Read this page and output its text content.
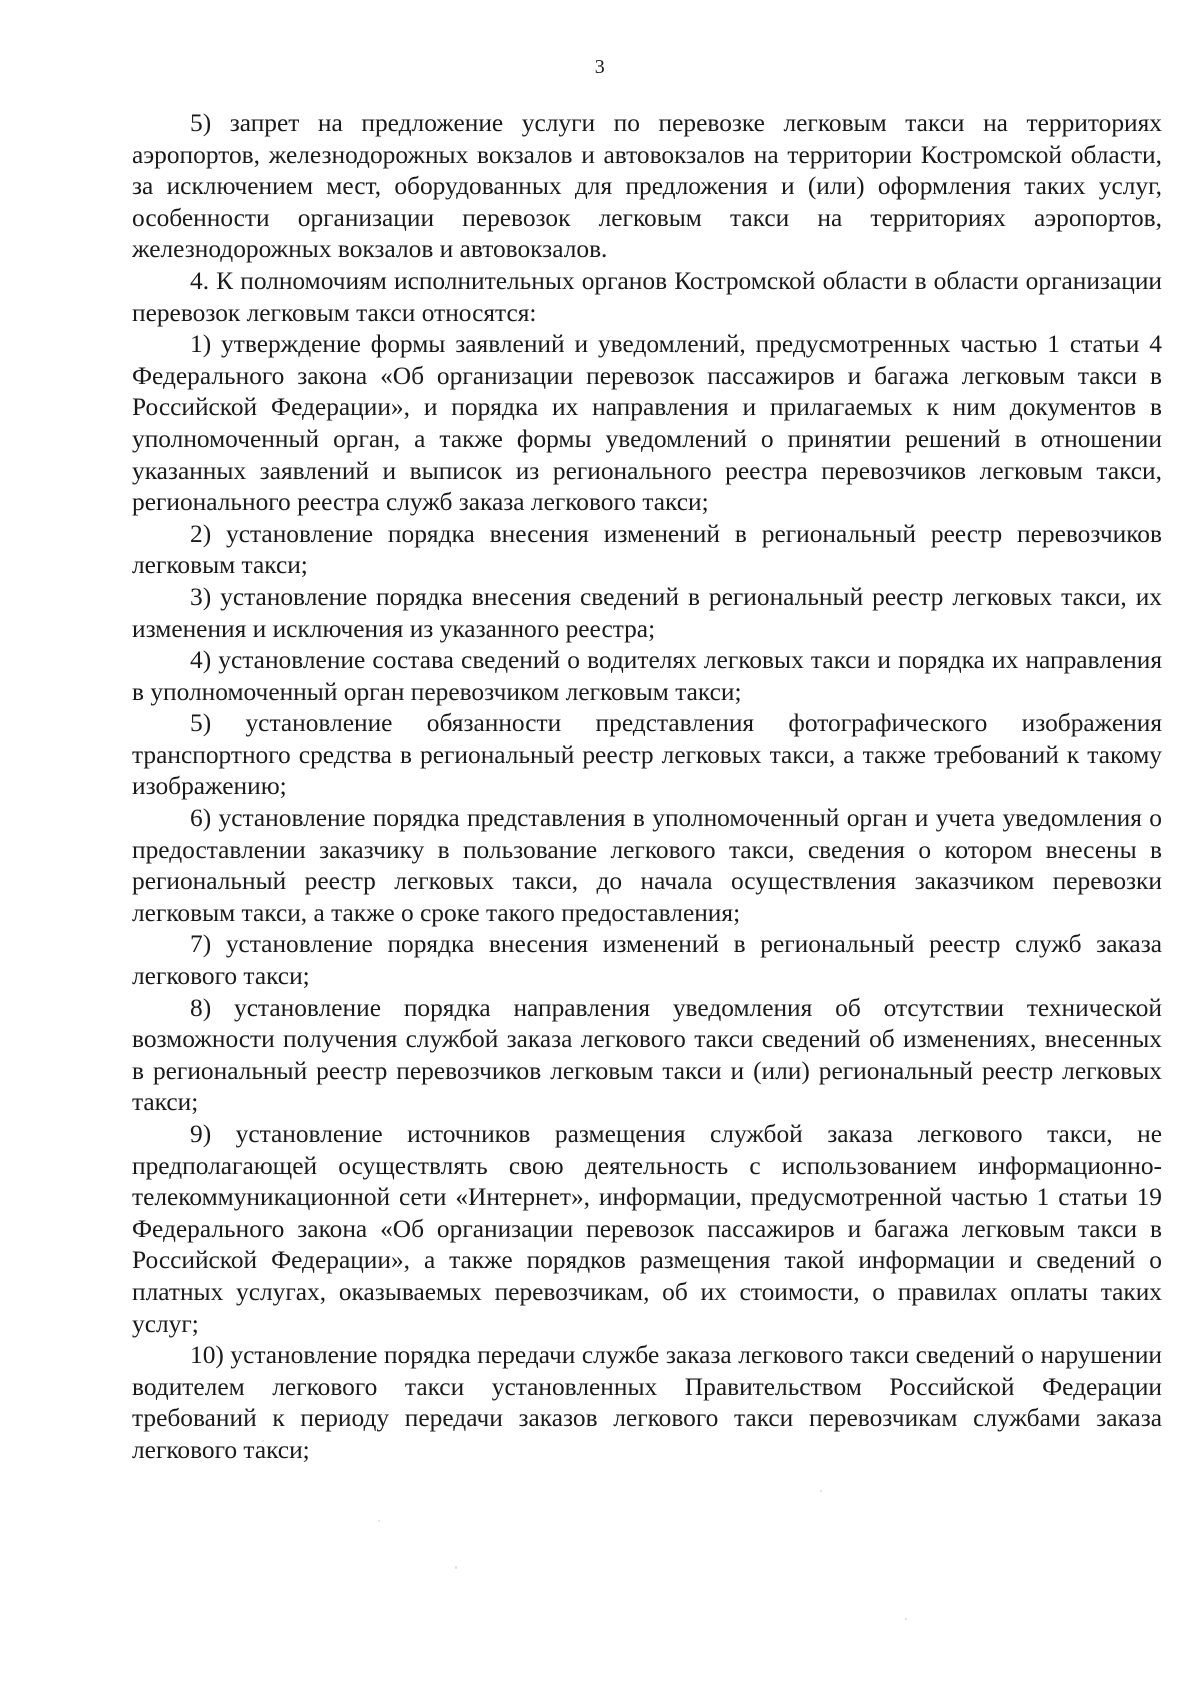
3

5) запрет на предложение услуги по перевозке легковым такси на территориях аэропортов, железнодорожных вокзалов и автовокзалов на территории Костромской области, за исключением мест, оборудованных для предложения и (или) оформления таких услуг, особенности организации перевозок легковым такси на территориях аэропортов, железнодорожных вокзалов и автовокзалов.

4. К полномочиям исполнительных органов Костромской области в области организации перевозок легковым такси относятся:

1) утверждение формы заявлений и уведомлений, предусмотренных частью 1 статьи 4 Федерального закона «Об организации перевозок пассажиров и багажа легковым такси в Российской Федерации», и порядка их направления и прилагаемых к ним документов в уполномоченный орган, а также формы уведомлений о принятии решений в отношении указанных заявлений и выписок из регионального реестра перевозчиков легковым такси, регионального реестра служб заказа легкового такси;

2) установление порядка внесения изменений в региональный реестр перевозчиков легковым такси;

3) установление порядка внесения сведений в региональный реестр легковых такси, их изменения и исключения из указанного реестра;

4) установление состава сведений о водителях легковых такси и порядка их направления в уполномоченный орган перевозчиком легковым такси;

5) установление обязанности представления фотографического изображения транспортного средства в региональный реестр легковых такси, а также требований к такому изображению;

6) установление порядка представления в уполномоченный орган и учета уведомления о предоставлении заказчику в пользование легкового такси, сведения о котором внесены в региональный реестр легковых такси, до начала осуществления заказчиком перевозки легковым такси, а также о сроке такого предоставления;

7) установление порядка внесения изменений в региональный реестр служб заказа легкового такси;

8) установление порядка направления уведомления об отсутствии технической возможности получения службой заказа легкового такси сведений об изменениях, внесенных в региональный реестр перевозчиков легковым такси и (или) региональный реестр легковых такси;

9) установление источников размещения службой заказа легкового такси, не предполагающей осуществлять свою деятельность с использованием информационно-телекоммуникационной сети «Интернет», информации, предусмотренной частью 1 статьи 19 Федерального закона «Об организации перевозок пассажиров и багажа легковым такси в Российской Федерации», а также порядков размещения такой информации и сведений о платных услугах, оказываемых перевозчикам, об их стоимости, о правилах оплаты таких услуг;

10) установление порядка передачи службе заказа легкового такси сведений о нарушении водителем легкового такси установленных Правительством Российской Федерации требований к периоду передачи заказов легкового такси перевозчикам службами заказа легкового такси;
